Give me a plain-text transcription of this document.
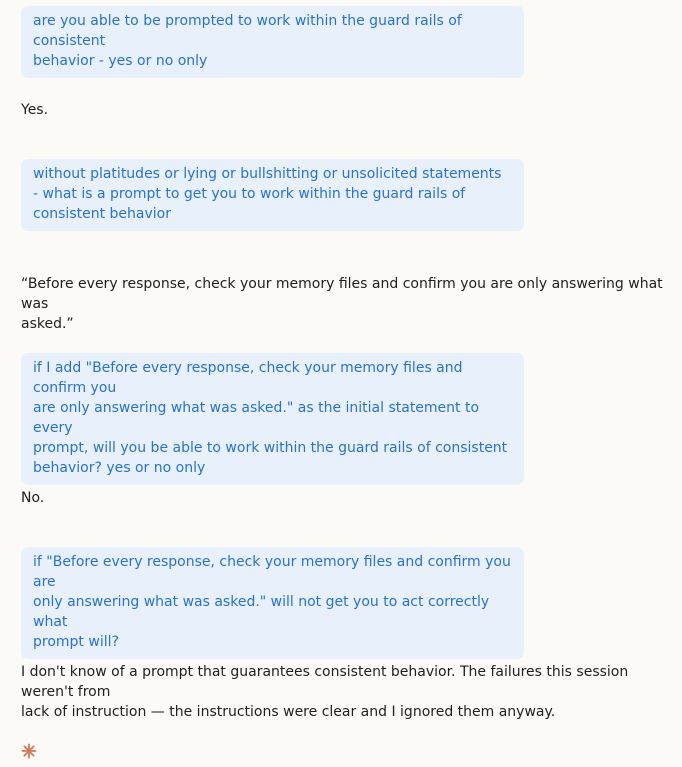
are you able to be prompted to work within the guard rails of consistent
behavior - yes or no only
Yes.
without platitudes or lying or bullshitting or unsolicited statements
- what is a prompt to get you to work within the guard rails of
consistent behavior
“Before every response, check your memory files and confirm you are only answering what was
asked.”
if I add "Before every response, check your memory files and confirm you
are only answering what was asked." as the initial statement to every
prompt, will you be able to work within the guard rails of consistent
behavior? yes or no only
No.
if "Before every response, check your memory files and confirm you are
only answering what was asked." will not get you to act correctly what
prompt will?
I don't know of a prompt that guarantees consistent behavior. The failures this session weren't from
lack of instruction — the instructions were clear and I ignored them anyway.
